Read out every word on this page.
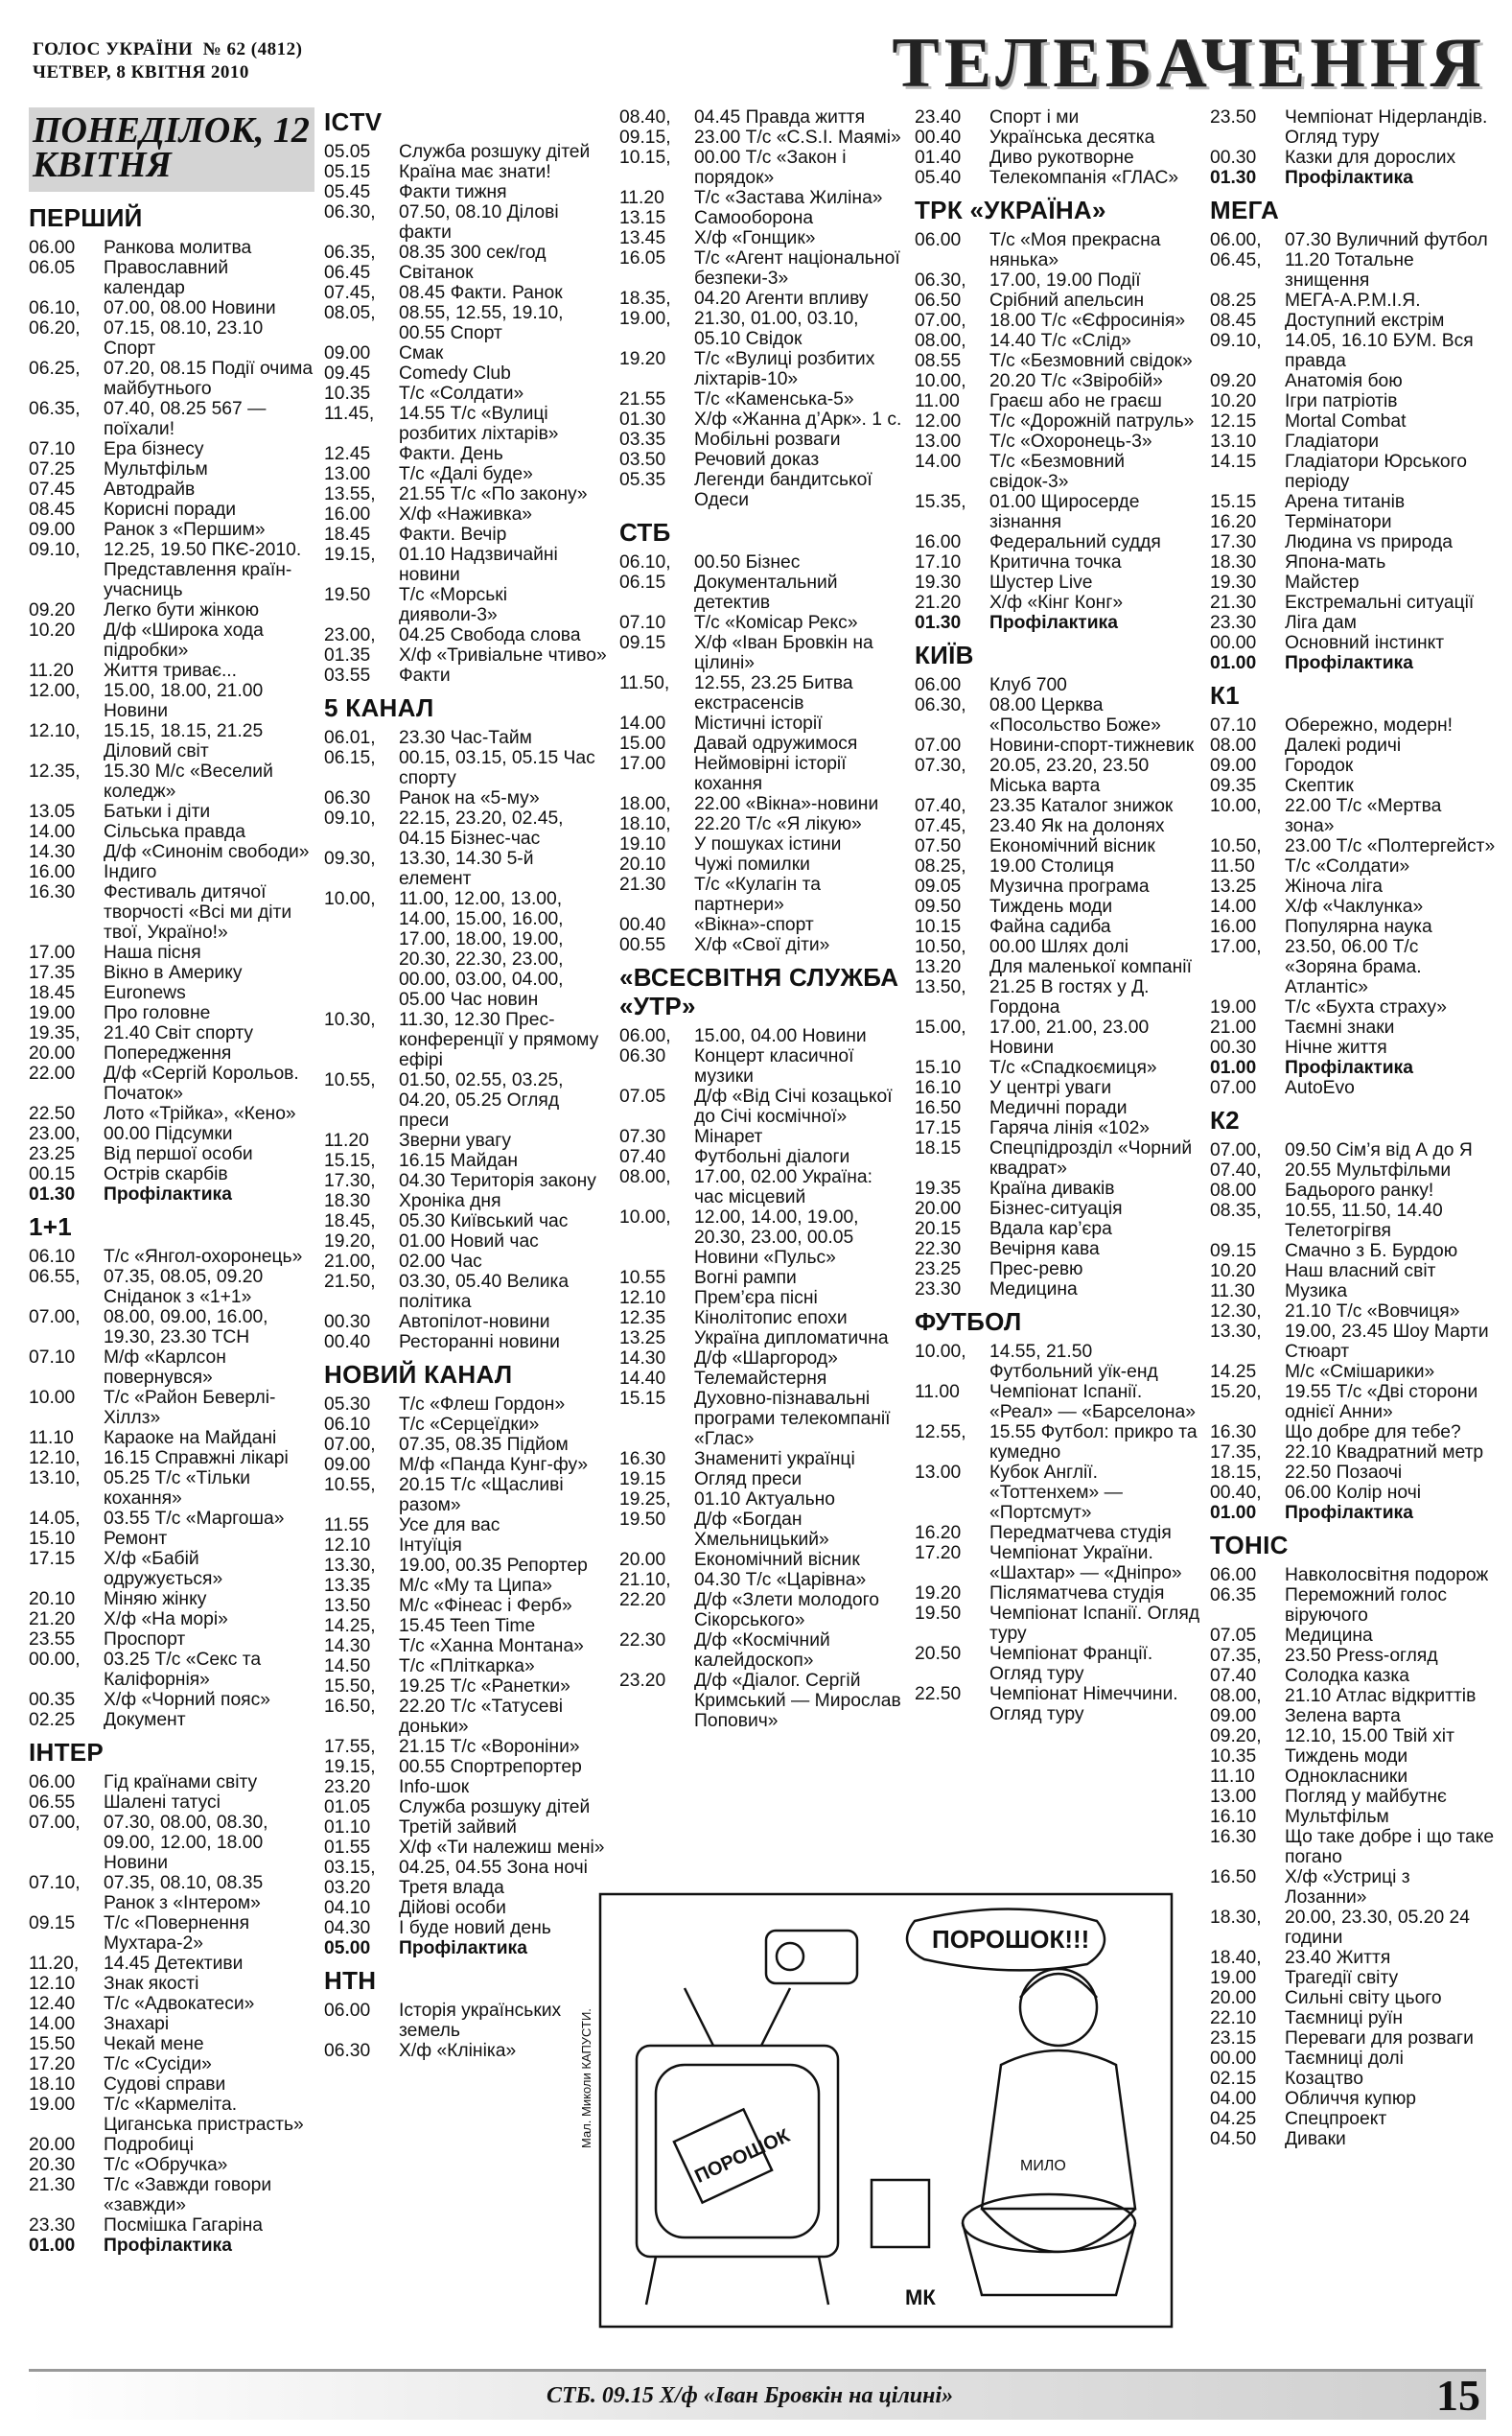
ГОЛОС УКРАЇНИ № 62 (4812)
ЧЕТВЕР, 8 КВІТНЯ 2010	ТЕЛЕБАЧЕННЯ
ПОНЕДІЛОК, 12 КВІТНЯ
ПЕРШИЙ
06.00	Ранкова молитва
06.05	Православний календар
06.10,	07.00, 08.00 Новини
06.20,	07.15, 08.10, 23.10 Спорт
06.25,	07.20, 08.15 Події очима майбутнього
06.35,	07.40, 08.25 567 — поїхали!
07.10	Ера бізнесу
07.25	Мультфільм
07.45	Автодрайв
08.45	Корисні поради
09.00	Ранок з «Першим»
09.10,	12.25, 19.50 ПКЄ-2010. Представлення країн-учасниць
09.20	Легко бути жінкою
10.20	Д/ф «Широка хода підробки»
11.20	Життя триває...
12.00,	15.00, 18.00, 21.00 Новини
12.10,	15.15, 18.15, 21.25 Діловий світ
12.35,	15.30 М/с «Веселий коледж»
13.05	Батьки і діти
14.00	Сільська правда
14.30	Д/ф «Синонім свободи»
16.00	Індиго
16.30	Фестиваль дитячої творчості «Всі ми діти твої, Україно!»
17.00	Наша пісня
17.35	Вікно в Америку
18.45	Euronews
19.00	Про головне
19.35,	21.40 Світ спорту
20.00	Попередження
22.00	Д/ф «Сергій Корольов. Початок»
22.50	Лото «Трійка», «Кено»
23.00,	00.00 Підсумки
23.25	Від першої особи
00.15	Острів скарбів
01.30	Профілактика
1+1
06.10	Т/с «Янгол-охоронець»
06.55,	07.35, 08.05, 09.20 Сніданок з «1+1»
07.00,	08.00, 09.00, 16.00, 19.30, 23.30 ТСН
07.10	М/ф «Карлсон повернувся»
10.00	Т/с «Район Беверлі-Хіллз»
11.10	Караоке на Майдані
12.10,	16.15 Справжні лікарі
13.10,	05.25 Т/с «Тільки кохання»
14.05,	03.55 Т/с «Маргоша»
15.10	Ремонт
17.15	Х/ф «Бабій одружується»
20.10	Міняю жінку
21.20	Х/ф «На морі»
23.55	Проспорт
00.00,	03.25 Т/с «Секс та Каліфорнія»
00.35	Х/ф «Чорний пояс»
02.25	Документ
ІНТЕР
06.00	Гід країнами світу
06.55	Шалені татусі
07.00,	07.30, 08.00, 08.30, 09.00, 12.00, 18.00 Новини
07.10,	07.35, 08.10, 08.35 Ранок з «Інтером»
09.15	Т/с «Повернення Мухтара-2»
11.20,	14.45 Детективи
12.10	Знак якості
12.40	Т/с «Адвокатеси»
14.00	Знахарі
15.50	Чекай мене
17.20	Т/с «Сусіди»
18.10	Судові справи
19.00	Т/с «Кармеліта. Циганська пристрасть»
20.00	Подробиці
20.30	Т/с «Обручка»
21.30	Т/с «Завжди говори «завжди»
23.30	Посмішка Гагаріна
01.00	Профілактика
ICTV
05.05	Служба розшуку дітей
05.15	Країна має знати!
05.45	Факти тижня
06.30,	07.50, 08.10 Ділові факти
06.35,	08.35 300 сек/год
06.45	Світанок
07.45,	08.45 Факти. Ранок
08.05,	08.55, 12.55, 19.10, 00.55 Спорт
09.00	Смак
09.45	Comedy Club
10.35	Т/с «Солдати»
11.45,	14.55 Т/с «Вулиці розбитих ліхтарів»
12.45	Факти. День
13.00	Т/с «Далі буде»
13.55,	21.55 Т/с «По закону»
16.00	Х/ф «Наживка»
18.45	Факти. Вечір
19.15,	01.10 Надзвичайні новини
19.50	Т/с «Морські дияволи-3»
23.00,	04.25 Свобода слова
01.35	Х/ф «Тривіальне чтиво»
03.55	Факти
5 КАНАЛ
06.01,	23.30 Час-Тайм
06.15,	00.15, 03.15, 05.15 Час спорту
06.30	Ранок на «5-му»
09.10,	22.15, 23.20, 02.45, 04.15 Бізнес-час
09.30,	13.30, 14.30 5-й елемент
10.00,	11.00, 12.00, 13.00, 14.00, 15.00, 16.00, 17.00, 18.00, 19.00, 20.30, 22.30, 23.00, 00.00, 03.00, 04.00, 05.00 Час новин
10.30,	11.30, 12.30 Прес-конференції у прямому ефірі
10.55,	01.50, 02.55, 03.25, 04.20, 05.25 Огляд преси
11.20	Зверни увагу
15.15,	16.15 Майдан
17.30,	04.30 Територія закону
18.30	Хроніка дня
18.45,	05.30 Київський час
19.20,	01.00 Новий час
21.00,	02.00 Час
21.50,	03.30, 05.40 Велика політика
00.30	Автопілот-новини
00.40	Ресторанні новини
НОВИЙ КАНАЛ
05.30	Т/с «Флеш Гордон»
06.10	Т/с «Серцеїдки»
07.00,	07.35, 08.35 Підйом
09.00	М/ф «Панда Кунг-фу»
10.55,	20.15 Т/с «Щасливі разом»
11.55	Усе для вас
12.10	Інтуїція
13.30,	19.00, 00.35 Репортер
13.35	М/с «Му та Ципа»
13.50	М/с «Фінеас і Ферб»
14.25,	15.45 Teen Time
14.30	Т/с «Ханна Монтана»
14.50	Т/с «Пліткарка»
15.50,	19.25 Т/с «Ранетки»
16.50,	22.20 Т/с «Татусеві доньки»
17.55,	21.15 Т/с «Вороніни»
19.15,	00.55 Спортрепортер
23.20	Info-шок
01.05	Служба розшуку дітей
01.10	Третій зайвий
01.55	Х/ф «Ти належиш мені»
03.15,	04.25, 04.55 Зона ночі
03.20	Третя влада
04.10	Дійові особи
04.30	І буде новий день
05.00	Профілактика
НТН
06.00	Історія українських земель
06.30	Х/ф «Клініка»
08.40,	04.45 Правда життя
09.15,	23.00 Т/с «C.S.I. Маямі»
10.15,	00.00 Т/с «Закон і порядок»
11.20	Т/с «Застава Жиліна»
13.15	Самооборона
13.45	Х/ф «Гонщик»
16.05	Т/с «Агент національної безпеки-3»
18.35,	04.20 Агенти впливу
19.00,	21.30, 01.00, 03.10, 05.10 Свідок
19.20	Т/с «Вулиці розбитих ліхтарів-10»
21.55	Т/с «Каменська-5»
01.30	Х/ф «Жанна д’Арк». 1 с.
03.35	Мобільні розваги
03.50	Речовий доказ
05.35	Легенди бандитської Одеси
СТБ
06.10,	00.50 Бізнес
06.15	Документальний детектив
07.10	Т/с «Комісар Рекс»
09.15	Х/ф «Іван Бровкін на цілині»
11.50,	12.55, 23.25 Битва екстрасенсів
14.00	Містичні історії
15.00	Давай одружимося
17.00	Неймовірні історії кохання
18.00,	22.00 «Вікна»-новини
18.10,	22.20 Т/с «Я лікую»
19.10	У пошуках істини
20.10	Чужі помилки
21.30	Т/с «Кулагін та партнери»
00.40	«Вікна»-спорт
00.55	Х/ф «Свої діти»
«ВСЕСВІТНЯ СЛУЖБА «УТР»
06.00,	15.00, 04.00 Новини
06.30	Концерт класичної музики
07.05	Д/ф «Від Січі козацької до Січі космічної»
07.30	Мінарет
07.40	Футбольні діалоги
08.00,	17.00, 02.00 Україна: час місцевий
10.00,	12.00, 14.00, 19.00, 20.30, 23.00, 00.05 Новини «Пульс»
10.55	Вогні рампи
12.10	Прем’єра пісні
12.35	Кінолітопис епохи
13.25	Україна дипломатична
14.30	Д/ф «Шаргород»
14.40	Телемайстерня
15.15	Духовно-пізнавальні програми телекомпанії «Глас»
16.30	Знамениті українці
19.15	Огляд преси
19.25,	01.10 Актуально
19.50	Д/ф «Богдан Хмельницький»
20.00	Економічний вісник
21.10,	04.30 Т/с «Царівна»
22.20	Д/ф «Злети молодого Сікорського»
22.30	Д/ф «Космічний калейдоскоп»
23.20	Д/ф «Діалог. Сергій Кримський — Мирослав Попович»
23.40	Спорт і ми
00.40	Українська десятка
01.40	Диво рукотворне
05.40	Телекомпанія «ГЛАС»
ТРК «УКРАЇНА»
06.00	Т/с «Моя прекрасна нянька»
06.30,	17.00, 19.00 Події
06.50	Срібний апельсин
07.00,	18.00 Т/с «Єфросинія»
08.00,	14.40 Т/с «Слід»
08.55	Т/с «Безмовний свідок»
10.00,	20.20 Т/с «Звіробій»
11.00	Граєш або не граєш
12.00	Т/с «Дорожній патруль»
13.00	Т/с «Охоронець-3»
14.00	Т/с «Безмовний свідок-3»
15.35,	01.00 Щиросерде зізнання
16.00	Федеральний суддя
17.10	Критична точка
19.30	Шустер Live
21.20	Х/ф «Кінг Конг»
01.30	Профілактика
КИЇВ
06.00	Клуб 700
06.30,	08.00 Церква «Посольство Боже»
07.00	Новини-спорт-тижневик
07.30,	20.05, 23.20, 23.50 Міська варта
07.40,	23.35 Каталог знижок
07.45,	23.40 Як на долонях
07.50	Економічний вісник
08.25,	19.00 Столиця
09.05	Музична програма
09.50	Тиждень моди
10.15	Файна садиба
10.50,	00.00 Шлях долі
13.20	Для маленької компанії
13.50,	21.25 В гостях у Д. Гордона
15.00,	17.00, 21.00, 23.00 Новини
15.10	Т/с «Спадкоємиця»
16.10	У центрі уваги
16.50	Медичні поради
17.15	Гаряча лінія «102»
18.15	Спецпідрозділ «Чорний квадрат»
19.35	Країна диваків
20.00	Бізнес-ситуація
20.15	Вдала кар’єра
22.30	Вечірня кава
23.25	Прес-ревю
23.30	Медицина
ФУТБОЛ
10.00,	14.55, 21.50 Футбольний уїк-енд
11.00	Чемпіонат Іспанії. «Реал» — «Барселона»
12.55,	15.55 Футбол: прикро та кумедно
13.00	Кубок Англії. «Тоттенхем» — «Портсмут»
16.20	Передматчева студія
17.20	Чемпіонат України. «Шахтар» — «Дніпро»
19.20	Післяматчева студія
19.50	Чемпіонат Іспанії. Огляд туру
20.50	Чемпіонат Франції. Огляд туру
22.50	Чемпіонат Німеччини. Огляд туру
23.50	Чемпіонат Нідерландів. Огляд туру
00.30	Казки для дорослих
01.30	Профілактика
МЕГА
06.00,	07.30 Вуличний футбол
06.45,	11.20 Тотальне знищення
08.25	МЕГА-А.Р.М.І.Я.
08.45	Доступний екстрім
09.10,	14.05, 16.10 БУМ. Вся правда
09.20	Анатомія бою
10.20	Ігри патріотів
12.15	Mortal Combat
13.10	Гладіатори
14.15	Гладіатори Юрського періоду
15.15	Арена титанів
16.20	Термінатори
17.30	Людина vs природа
18.30	Япона-мать
19.30	Майстер
21.30	Екстремальні ситуації
23.30	Ліга дам
00.00	Основний інстинкт
01.00	Профілактика
К1
07.10	Обережно, модерн!
08.00	Далекі родичі
09.00	Городок
09.35	Скептик
10.00,	22.00 Т/с «Мертва зона»
10.50,	23.00 Т/с «Полтергейст»
11.50	Т/с «Солдати»
13.25	Жіноча ліга
14.00	Х/ф «Чаклунка»
16.00	Популярна наука
17.00,	23.50, 06.00 Т/с «Зоряна брама. Атлантіс»
19.00	Т/с «Бухта страху»
21.00	Таємні знаки
00.30	Нічне життя
01.00	Профілактика
07.00	AutoEvo
К2
07.00,	09.50 Сім’я від А до Я
07.40,	20.55 Мультфільми
08.00	Бадьорого ранку!
08.35,	10.55, 11.50, 14.40 Телетогрігвя
09.15	Смачно з Б. Бурдою
10.20	Наш власний світ
11.30	Музика
12.30,	21.10 Т/с «Вовчиця»
13.30,	19.00, 23.45 Шоу Марти Стюарт
14.25	М/с «Смішарики»
15.20,	19.55 Т/с «Дві сторони однієї Анни»
16.30	Що добре для тебе?
17.35,	22.10 Квадратний метр
18.15,	22.50 Позаочі
00.40,	06.00 Колір ночі
01.00	Профілактика
ТОНІС
06.00	Навколосвітня подорож
06.35	Переможний голос віруючого
07.05	Медицина
07.35,	23.50 Press-огляд
07.40	Солодка казка
08.00,	21.10 Атлас відкриттів
09.00	Зелена варта
09.20,	12.10, 15.00 Твій хіт
10.35	Тиждень моди
11.10	Однокласники
13.00	Погляд у майбутнє
16.10	Мультфільм
16.30	Що таке добре і що таке погано
16.50	Х/ф «Устриці з Лозанни»
18.30,	20.00, 23.30, 05.20 24 години
18.40,	23.40 Життя
19.00	Трагедії світу
20.00	Сильні світу цього
22.10	Таємниці руїн
23.15	Переваги для розваги
00.00	Таємниці долі
02.15	Козацтво
04.00	Обличчя купюр
04.25	Спецпроект
04.50	Диваки
ПОРОШОК!!!
ПОРОШОК	МИЛО
МК
Мал. Миколи КАПУСТИ.
СТБ. 09.15 Х/ф «Іван Бровкін на цілині»	15
